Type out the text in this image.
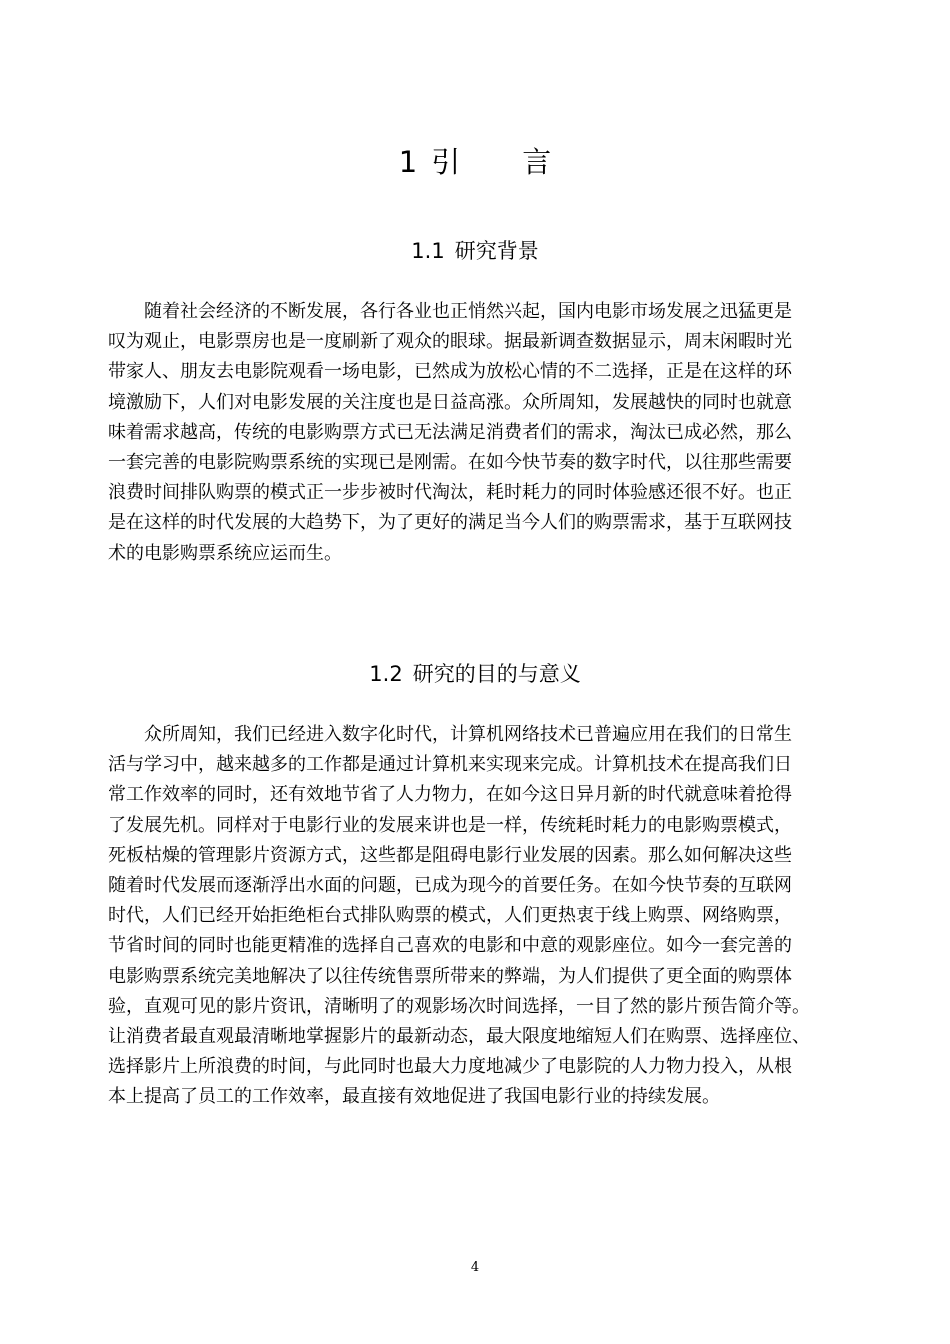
1 引 言
1.1 研究背景
随着社会经济的不断发展，各行各业也正悄然兴起，国内电影市场发展之迅猛更是
叹为观止，电影票房也是一度刷新了观众的眼球。据最新调查数据显示，周末闲暇时光
带家人、朋友去电影院观看一场电影，已然成为放松心情的不二选择，正是在这样的环
境激励下，人们对电影发展的关注度也是日益高涨。众所周知，发展越快的同时也就意
味着需求越高，传统的电影购票方式已无法满足消费者们的需求，淘汰已成必然，那么
一套完善的电影院购票系统的实现已是刚需。在如今快节奏的数字时代，以往那些需要
浪费时间排队购票的模式正一步步被时代淘汰，耗时耗力的同时体验感还很不好。也正
是在这样的时代发展的大趋势下，为了更好的满足当今人们的购票需求，基于互联网技
术的电影购票系统应运而生。
1.2 研究的目的与意义
众所周知，我们已经进入数字化时代，计算机网络技术已普遍应用在我们的日常生
活与学习中，越来越多的工作都是通过计算机来实现来完成。计算机技术在提高我们日
常工作效率的同时，还有效地节省了人力物力，在如今这日异月新的时代就意味着抢得
了发展先机。同样对于电影行业的发展来讲也是一样，传统耗时耗力的电影购票模式，
死板枯燥的管理影片资源方式，这些都是阻碍电影行业发展的因素。那么如何解决这些
随着时代发展而逐渐浮出水面的问题，已成为现今的首要任务。在如今快节奏的互联网
时代，人们已经开始拒绝柜台式排队购票的模式，人们更热衷于线上购票、网络购票，
节省时间的同时也能更精准的选择自己喜欢的电影和中意的观影座位。如今一套完善的
电影购票系统完美地解决了以往传统售票所带来的弊端，为人们提供了更全面的购票体
验，直观可见的影片资讯，清晰明了的观影场次时间选择，一目了然的影片预告简介等。
让消费者最直观最清晰地掌握影片的最新动态，最大限度地缩短人们在购票、选择座位、
选择影片上所浪费的时间，与此同时也最大力度地减少了电影院的人力物力投入，从根
本上提高了员工的工作效率，最直接有效地促进了我国电影行业的持续发展。
4
